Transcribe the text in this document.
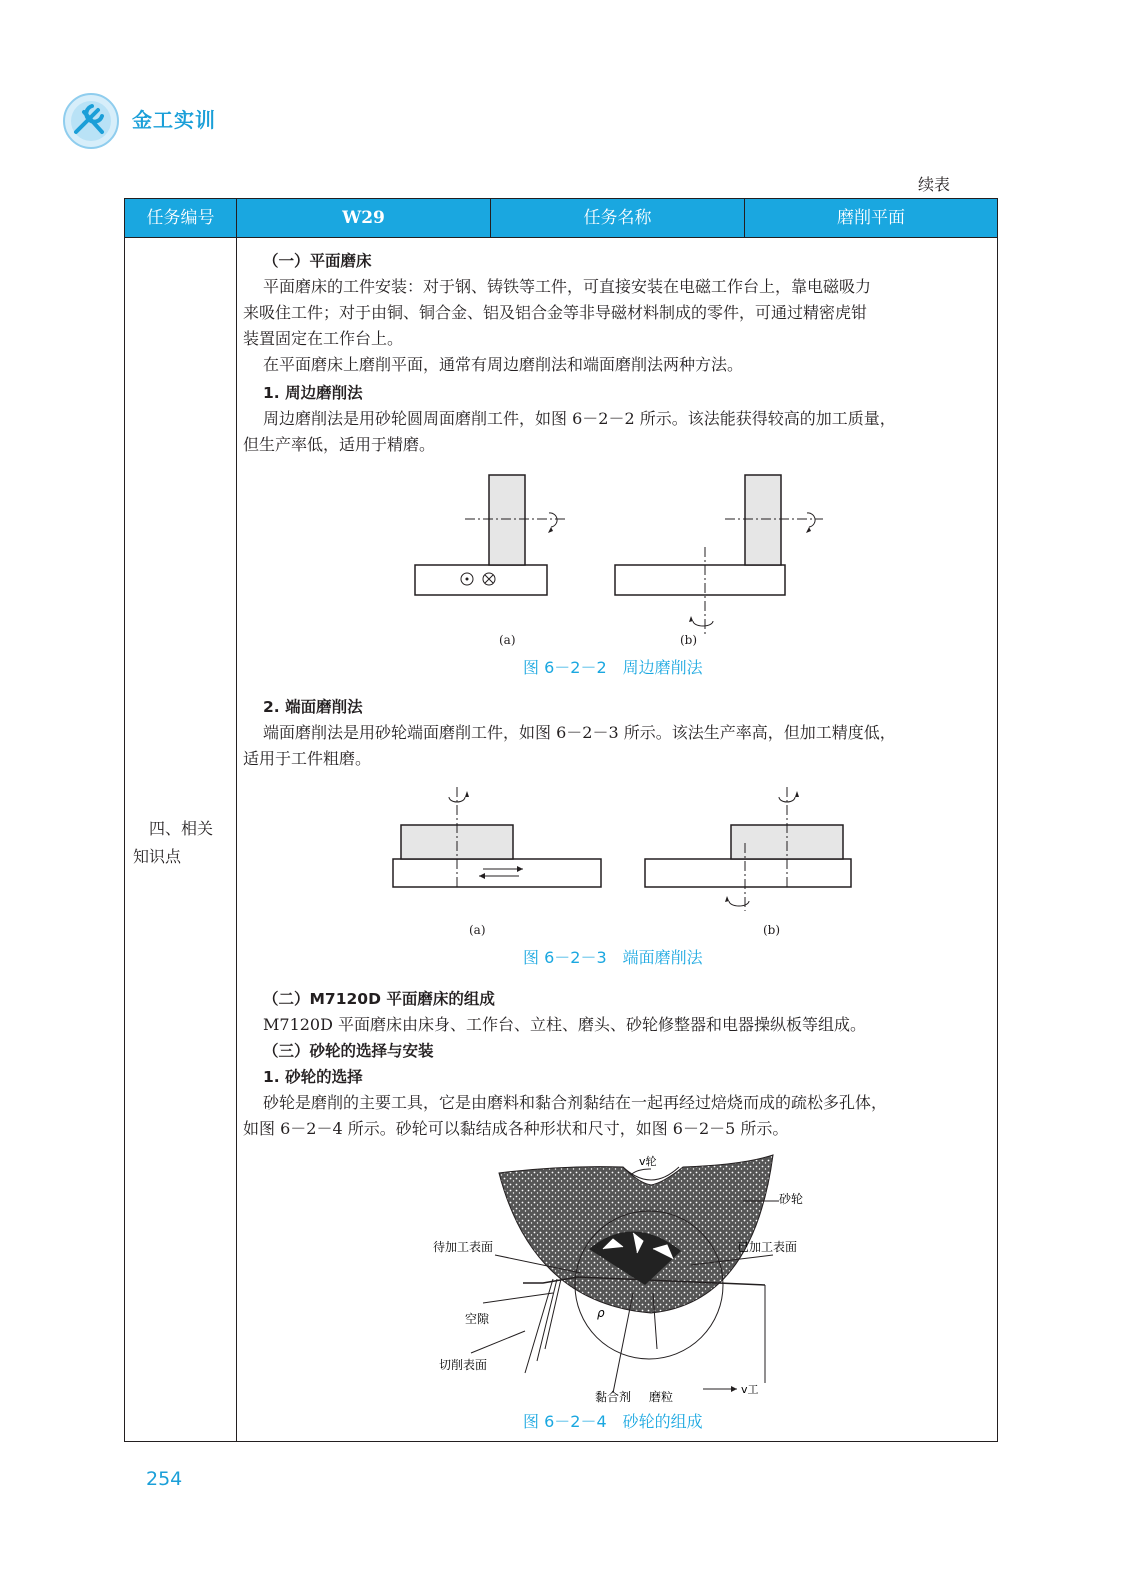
金工实训
续表
任务编号	W29	任务名称	磨削平面
四、相关
知识点
（一）平面磨床
平面磨床的工件安装：对于钢、铸铁等工件，可直接安装在电磁工作台上，靠电磁吸力
来吸住工件；对于由铜、铜合金、铝及铝合金等非导磁材料制成的零件，可通过精密虎钳
装置固定在工作台上。
在平面磨床上磨削平面，通常有周边磨削法和端面磨削法两种方法。
1. 周边磨削法
周边磨削法是用砂轮圆周面磨削工件，如图 6－2－2 所示。该法能获得较高的加工质量，
但生产率低，适用于精磨。
(a)	(b)
图 6－2－2　周边磨削法
2. 端面磨削法
端面磨削法是用砂轮端面磨削工件，如图 6－2－3 所示。该法生产率高，但加工精度低，
适用于工件粗磨。
(a)	(b)
图 6－2－3　端面磨削法
（二）M7120D 平面磨床的组成
M7120D 平面磨床由床身、工作台、立柱、磨头、砂轮修整器和电器操纵板等组成。
（三）砂轮的选择与安装
1. 砂轮的选择
砂轮是磨削的主要工具，它是由磨料和黏合剂黏结在一起再经过焙烧而成的疏松多孔体，
如图 6－2－4 所示。砂轮可以黏结成各种形状和尺寸，如图 6－2－5 所示。
v轮
砂轮
待加工表面	已加工表面
空隙	ρ
切削表面
v工
黏合剂 磨粒
图 6－2－4　砂轮的组成
254
